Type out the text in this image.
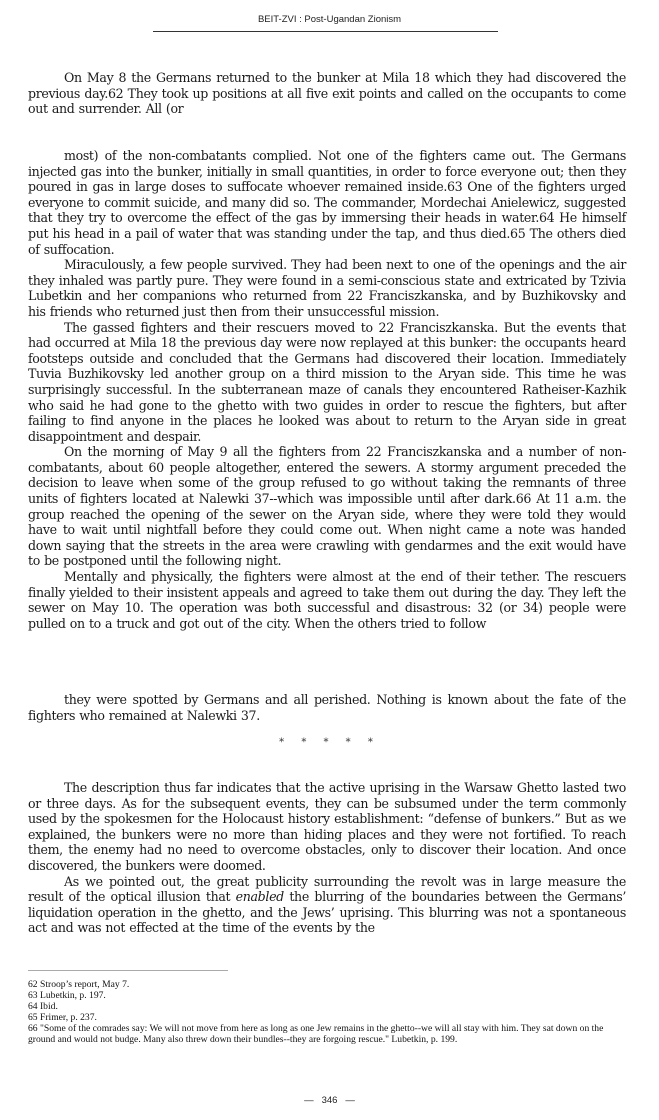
BEIT-ZVI : Post-Ugandan Zionism

On May 8 the Germans returned to the bunker at Mila 18 which they had discovered the previous day.62 They took up positions at all five exit points and called on the occupants to come out and surrender. All (or

most) of the non-combatants complied. Not one of the fighters came out. The Germans injected gas into the bunker, initially in small quantities, in order to force everyone out; then they poured in gas in large doses to suffocate whoever remained inside.63 One of the fighters urged everyone to commit suicide, and many did so. The commander, Mordechai Anielewicz, suggested that they try to overcome the effect of the gas by immersing their heads in water.64 He himself put his head in a pail of water that was standing under the tap, and thus died.65 The others died of suffocation.

Miraculously, a few people survived. They had been next to one of the openings and the air they inhaled was partly pure. They were found in a semi-conscious state and extricated by Tzivia Lubetkin and her companions who returned from 22 Franciszkanska, and by Buzhikovsky and his friends who returned just then from their unsuccessful mission.

The gassed fighters and their rescuers moved to 22 Franciszkanska. But the events that had occurred at Mila 18 the previous day were now replayed at this bunker: the occupants heard footsteps outside and concluded that the Germans had discovered their location. Immediately Tuvia Buzhikovsky led another group on a third mission to the Aryan side. This time he was surprisingly successful. In the subterranean maze of canals they encountered Ratheiser-Kazhik who said he had gone to the ghetto with two guides in order to rescue the fighters, but after failing to find anyone in the places he looked was about to return to the Aryan side in great disappointment and despair.

On the morning of May 9 all the fighters from 22 Franciszkanska and a number of non-combatants, about 60 people altogether, entered the sewers. A stormy argument preceded the decision to leave when some of the group refused to go without taking the remnants of three units of fighters located at Nalewki 37--which was impossible until after dark.66 At 11 a.m. the group reached the opening of the sewer on the Aryan side, where they were told they would have to wait until nightfall before they could come out. When night came a note was handed down saying that the streets in the area were crawling with gendarmes and the exit would have to be postponed until the following night.

Mentally and physically, the fighters were almost at the end of their tether. The rescuers finally yielded to their insistent appeals and agreed to take them out during the day. They left the sewer on May 10. The operation was both successful and disastrous: 32 (or 34) people were pulled on to a truck and got out of the city. When the others tried to follow

they were spotted by Germans and all perished. Nothing is known about the fate of the fighters who remained at Nalewki 37.

* * * * *

The description thus far indicates that the active uprising in the Warsaw Ghetto lasted two or three days. As for the subsequent events, they can be subsumed under the term commonly used by the spokesmen for the Holocaust history establishment: “defense of bunkers.” But as we explained, the bunkers were no more than hiding places and they were not fortified. To reach them, the enemy had no need to overcome obstacles, only to discover their location. And once discovered, the bunkers were doomed.

As we pointed out, the great publicity surrounding the revolt was in large measure the result of the optical illusion that enabled the blurring of the boundaries between the Germans’ liquidation operation in the ghetto, and the Jews’ uprising. This blurring was not a spontaneous act and was not effected at the time of the events by the

62 Stroop’s report, May 7.
63 Lubetkin, p. 197.
64 Ibid.
65 Frimer, p. 237.
66 "Some of the comrades say: We will not move from here as long as one Jew remains in the ghetto--we will all stay with him. They sat down on the ground and would not budge. Many also threw down their bundles--they are forgoing rescue." Lubetkin, p. 199.
— 346 —
